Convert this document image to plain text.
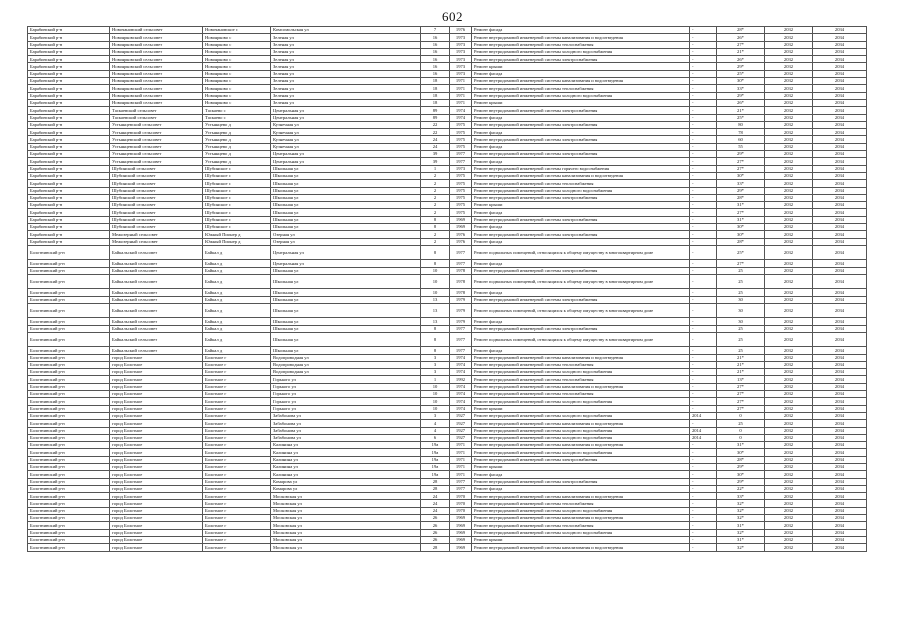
602
Барабинский р-н	Новочановский сельсовет	Новочановское с	Комсомольская ул	7	1976	Ремонт фасада	-	28*	2032	2034
Барабинский р-н	Новоярковский сельсовет	Новоярково с	Зеленая ул	16	1973	Ремонт внутридомовой инженерной системы канализования и водоотведения	-	26*	2032	2034
Барабинский р-н	Новоярковский сельсовет	Новоярково с	Зеленая ул	16	1973	Ремонт внутридомовой инженерной системы теплоснабжения	-	27*	2032	2034
Барабинский р-н	Новоярковский сельсовет	Новоярково с	Зеленая ул	16	1973	Ремонт внутридомовой инженерной системы холодного водоснабжения	-	21*	2032	2034
Барабинский р-н	Новоярковский сельсовет	Новоярково с	Зеленая ул	16	1973	Ремонт внутридомовой инженерной системы электроснабжения	-	26*	2032	2034
Барабинский р-н	Новоярковский сельсовет	Новоярково с	Зеленая ул	16	1973	Ремонт крыши	-	29*	2032	2034
Барабинский р-н	Новоярковский сельсовет	Новоярково с	Зеленая ул	16	1973	Ремонт фасада	-	25*	2032	2034
Барабинский р-н	Новоярковский сельсовет	Новоярково с	Зеленая ул	18	1971	Ремонт внутридомовой инженерной системы канализования и водоотведения	-	30*	2032	2034
Барабинский р-н	Новоярковский сельсовет	Новоярково с	Зеленая ул	18	1971	Ремонт внутридомовой инженерной системы теплоснабжения	-	33*	2032	2034
Барабинский р-н	Новоярковский сельсовет	Новоярково с	Зеленая ул	18	1971	Ремонт внутридомовой инженерной системы холодного водоснабжения	-	29*	2032	2034
Барабинский р-н	Новоярковский сельсовет	Новоярково с	Зеленая ул	18	1971	Ремонт крыши	-	26*	2032	2034
Барабинский р-н	Таскаевский сельсовет	Таскаево с	Центральная ул	89	1974	Ремонт внутридомовой инженерной системы электроснабжения	-	21*	2032	2034
Барабинский р-н	Таскаевский сельсовет	Таскаево с	Центральная ул	89	1974	Ремонт фасада	-	25*	2032	2034
Барабинский р-н	Устьянцевский сельсовет	Устьянцево д	Кузнечная ул	22	1975	Ремонт внутридомовой инженерной системы электроснабжения	-	80	2032	2034
Барабинский р-н	Устьянцевский сельсовет	Устьянцево д	Кузнечная ул	22	1975	Ремонт фасада	-	78	2032	2034
Барабинский р-н	Устьянцевский сельсовет	Устьянцево д	Кузнечная ул	24	1975	Ремонт внутридомовой инженерной системы электроснабжения	-	60	2032	2034
Барабинский р-н	Устьянцевский сельсовет	Устьянцево д	Кузнечная ул	24	1975	Ремонт фасада	-	55	2032	2034
Барабинский р-н	Устьянцевский сельсовет	Устьянцево д	Центральная ул	39	1977	Ремонт внутридомовой инженерной системы электроснабжения	-	29*	2032	2034
Барабинский р-н	Устьянцевский сельсовет	Устьянцево д	Центральная ул	39	1977	Ремонт фасада	-	27*	2032	2034
Барабинский р-н	Шубинский сельсовет	Шубинское с	Школьная ул	1	1973	Ремонт внутридомовой инженерной системы горячего водоснабжения	-	27*	2032	2034
Барабинский р-н	Шубинский сельсовет	Шубинское с	Школьная ул	2	1975	Ремонт внутридомовой инженерной системы канализования и водоотведения	-	30*	2032	2034
Барабинский р-н	Шубинский сельсовет	Шубинское с	Школьная ул	2	1975	Ремонт внутридомовой инженерной системы теплоснабжения	-	33*	2032	2034
Барабинский р-н	Шубинский сельсовет	Шубинское с	Школьная ул	2	1975	Ремонт внутридомовой инженерной системы холодного водоснабжения	-	29*	2032	2034
Барабинский р-н	Шубинский сельсовет	Шубинское с	Школьная ул	2	1975	Ремонт внутридомовой инженерной системы электроснабжения	-	28*	2032	2034
Барабинский р-н	Шубинский сельсовет	Шубинское с	Школьная ул	2	1975	Ремонт крыши	-	31*	2032	2034
Барабинский р-н	Шубинский сельсовет	Шубинское с	Школьная ул	2	1975	Ремонт фасада	-	27*	2032	2034
Барабинский р-н	Шубинский сельсовет	Шубинское с	Школьная ул	8	1969	Ремонт внутридомовой инженерной системы электроснабжения	-	31*	2032	2034
Барабинский р-н	Шубинский сельсовет	Шубинское с	Школьная ул	8	1969	Ремонт фасада	-	30*	2032	2034
Барабинский р-н	Межозерный сельсовет	Южный Пионер д	Озерная ул	2	1976	Ремонт внутридомовой инженерной системы электроснабжения	-	30*	2032	2034
Барабинский р-н	Межозерный сельсовет	Южный Пионер д	Озерная ул	2	1976	Ремонт фасада	-	28*	2032	2034
Болотнинский р-н	Байкальский сельсовет	Байкал д	Центральная ул	8	1977	Ремонт подвальных помещений, относящихся к общему имуществу в многоквартирном доме	-	25*	2032	2034
Болотнинский р-н	Байкальский сельсовет	Байкал д	Центральная ул	8	1977	Ремонт фасада	-	27*	2032	2034
Болотнинский р-н	Байкальский сельсовет	Байкал д	Школьная ул	10	1978	Ремонт внутридомовой инженерной системы электроснабжения	-	25	2032	2034
Болотнинский р-н	Байкальский сельсовет	Байкал д	Школьная ул	10	1978	Ремонт подвальных помещений, относящихся к общему имуществу в многоквартирном доме	-	25	2032	2034
Болотнинский р-н	Байкальский сельсовет	Байкал д	Школьная ул	10	1978	Ремонт фасада	-	25	2032	2034
Болотнинский р-н	Байкальский сельсовет	Байкал д	Школьная ул	13	1979	Ремонт внутридомовой инженерной системы электроснабжения	-	30	2032	2034
Болотнинский р-н	Байкальский сельсовет	Байкал д	Школьная ул	13	1979	Ремонт подвальных помещений, относящихся к общему имуществу в многоквартирном доме	-	30	2032	2034
Болотнинский р-н	Байкальский сельсовет	Байкал д	Школьная ул	13	1979	Ремонт фасада	-	30	2032	2034
Болотнинский р-н	Байкальский сельсовет	Байкал д	Школьная ул	8	1977	Ремонт внутридомовой инженерной системы электроснабжения	-	25	2032	2034
Болотнинский р-н	Байкальский сельсовет	Байкал д	Школьная ул	8	1977	Ремонт подвальных помещений, относящихся к общему имуществу в многоквартирном доме	-	25	2032	2034
Болотнинский р-н	Байкальский сельсовет	Байкал д	Школьная ул	8	1977	Ремонт фасада	-	25	2032	2034
Болотнинский р-н	город Болотное	Болотное г	Водопроводная ул	3	1974	Ремонт внутридомовой инженерной системы канализования и водоотведения	-	21*	2032	2034
Болотнинский р-н	город Болотное	Болотное г	Водопроводная ул	3	1974	Ремонт внутридомовой инженерной системы теплоснабжения	-	21*	2032	2034
Болотнинский р-н	город Болотное	Болотное г	Водопроводная ул	3	1974	Ремонт внутридомовой инженерной системы холодного водоснабжения	-	21*	2032	2034
Болотнинский р-н	город Болотное	Болотное г	Горького ул	1	1992	Ремонт внутридомовой инженерной системы теплоснабжения	-	13*	2032	2034
Болотнинский р-н	город Болотное	Болотное г	Горького ул	10	1974	Ремонт внутридомовой инженерной системы канализования и водоотведения	-	27*	2032	2034
Болотнинский р-н	город Болотное	Болотное г	Горького ул	10	1974	Ремонт внутридомовой инженерной системы теплоснабжения	-	27*	2032	2034
Болотнинский р-н	город Болотное	Болотное г	Горького ул	10	1974	Ремонт внутридомовой инженерной системы холодного водоснабжения	-	27*	2032	2034
Болотнинский р-н	город Болотное	Болотное г	Горького ул	10	1974	Ремонт крыши	-	27*	2032	2034
Болотнинский р-н	город Болотное	Болотное г	Забабонова ул	3	1927	Ремонт внутридомовой инженерной системы холодного водоснабжения	2014	0	2032	2034
Болотнинский р-н	город Болотное	Болотное г	Забабонова ул	4	1927	Ремонт внутридомовой инженерной системы канализования и водоотведения	-	25	2032	2034
Болотнинский р-н	город Болотное	Болотное г	Забабонова ул	4	1927	Ремонт внутридомовой инженерной системы холодного водоснабжения	2014	0	2032	2034
Болотнинский р-н	город Болотное	Болотное г	Забабонова ул	6	1927	Ремонт внутридомовой инженерной системы холодного водоснабжения	2014	0	2032	2034
Болотнинский р-н	город Болотное	Болотное г	Калинина ул	19а	1971	Ремонт внутридомовой инженерной системы канализования и водоотведения	-	31*	2032	2034
Болотнинский р-н	город Болотное	Болотное г	Калинина ул	19а	1971	Ремонт внутридомовой инженерной системы холодного водоснабжения	-	30*	2032	2034
Болотнинский р-н	город Болотное	Болотное г	Калинина ул	19а	1971	Ремонт внутридомовой инженерной системы электроснабжения	-	28*	2032	2034
Болотнинский р-н	город Болотное	Болотное г	Калинина ул	19а	1971	Ремонт крыши	-	29*	2032	2034
Болотнинский р-н	город Болотное	Болотное г	Калинина ул	19а	1971	Ремонт фасада	-	30*	2032	2034
Болотнинский р-н	город Болотное	Болотное г	Комарова ул	28	1977	Ремонт внутридомовой инженерной системы электроснабжения	-	29*	2032	2034
Болотнинский р-н	город Болотное	Болотное г	Комарова ул	28	1977	Ремонт фасада	-	22*	2032	2034
Болотнинский р-н	город Болотное	Болотное г	Московская ул	24	1970	Ремонт внутридомовой инженерной системы канализования и водоотведения	-	33*	2032	2034
Болотнинский р-н	город Болотное	Болотное г	Московская ул	24	1970	Ремонт внутридомовой инженерной системы теплоснабжения	-	32*	2032	2034
Болотнинский р-н	город Болотное	Болотное г	Московская ул	24	1970	Ремонт внутридомовой инженерной системы холодного водоснабжения	-	32*	2032	2034
Болотнинский р-н	город Болотное	Болотное г	Московская ул	26	1969	Ремонт внутридомовой инженерной системы канализования и водоотведения	-	32*	2032	2034
Болотнинский р-н	город Болотное	Болотное г	Московская ул	26	1969	Ремонт внутридомовой инженерной системы теплоснабжения	-	31*	2032	2034
Болотнинский р-н	город Болотное	Болотное г	Московская ул	26	1969	Ремонт внутридомовой инженерной системы холодного водоснабжения	-	32*	2032	2034
Болотнинский р-н	город Болотное	Болотное г	Московская ул	26	1969	Ремонт крыши	-	31*	2032	2034
Болотнинский р-н	город Болотное	Болотное г	Московская ул	28	1969	Ремонт внутридомовой инженерной системы канализования и водоотведения	-	32*	2032	2034
